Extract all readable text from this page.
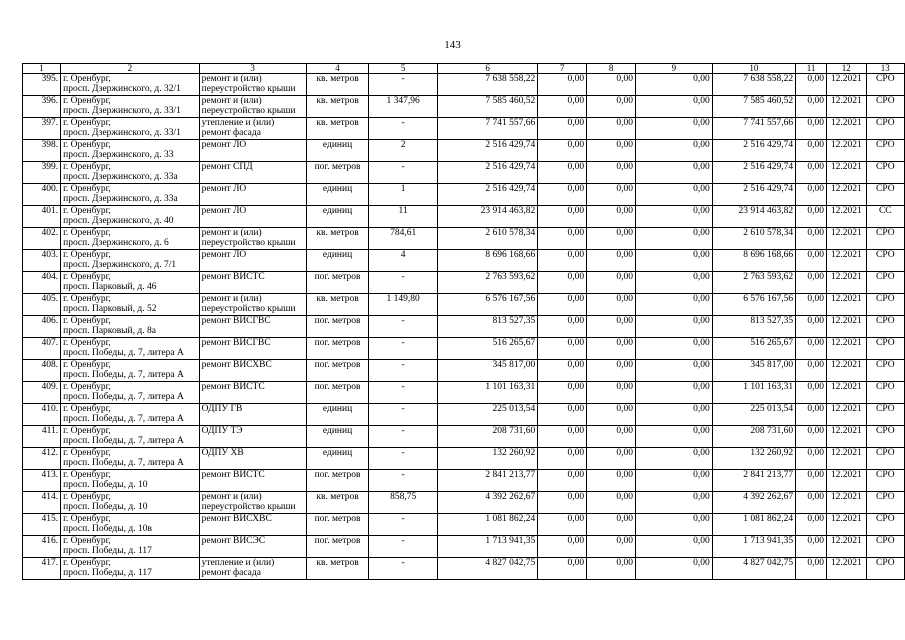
143
1	2	3	4	5	6	7	8	9	10	11	12	13
395.	г. Оренбург,
просп. Дзержинского, д. 32/1	ремонт и (или)
переустройство крыши	кв. метров	-	7 638 558,22	0,00	0,00	0,00	7 638 558,22	0,00	12.2021	СРО
396.	г. Оренбург,
просп. Дзержинского, д. 33/1	ремонт и (или)
переустройство крыши	кв. метров	1 347,96	7 585 460,52	0,00	0,00	0,00	7 585 460,52	0,00	12.2021	СРО
397.	г. Оренбург,
просп. Дзержинского, д. 33/1	утепление и (или)
ремонт фасада	кв. метров	-	7 741 557,66	0,00	0,00	0,00	7 741 557,66	0,00	12.2021	СРО
398.	г. Оренбург,
просп. Дзержинского, д. 33	ремонт ЛО	единиц	2	2 516 429,74	0,00	0,00	0,00	2 516 429,74	0,00	12.2021	СРО
399.	г. Оренбург,
просп. Дзержинского, д. 33а	ремонт СПД	пог. метров	-	2 516 429,74	0,00	0,00	0,00	2 516 429,74	0,00	12.2021	СРО
400.	г. Оренбург,
просп. Дзержинского, д. 33а	ремонт ЛО	единиц	1	2 516 429,74	0,00	0,00	0,00	2 516 429,74	0,00	12.2021	СРО
401.	г. Оренбург,
просп. Дзержинского, д. 40	ремонт ЛО	единиц	11	23 914 463,82	0,00	0,00	0,00	23 914 463,82	0,00	12.2021	СС
402.	г. Оренбург,
просп. Дзержинского, д. 6	ремонт и (или)
переустройство крыши	кв. метров	784,61	2 610 578,34	0,00	0,00	0,00	2 610 578,34	0,00	12.2021	СРО
403.	г. Оренбург,
просп. Дзержинского, д. 7/1	ремонт ЛО	единиц	4	8 696 168,66	0,00	0,00	0,00	8 696 168,66	0,00	12.2021	СРО
404.	г. Оренбург,
просп. Парковый, д. 46	ремонт ВИСТС	пог. метров	-	2 763 593,62	0,00	0,00	0,00	2 763 593,62	0,00	12.2021	СРО
405.	г. Оренбург,
просп. Парковый, д. 52	ремонт и (или)
переустройство крыши	кв. метров	1 149,80	6 576 167,56	0,00	0,00	0,00	6 576 167,56	0,00	12.2021	СРО
406.	г. Оренбург,
просп. Парковый, д. 8а	ремонт ВИСГВС	пог. метров	-	813 527,35	0,00	0,00	0,00	813 527,35	0,00	12.2021	СРО
407.	г. Оренбург,
просп. Победы, д. 7, литера А	ремонт ВИСГВС	пог. метров	-	516 265,67	0,00	0,00	0,00	516 265,67	0,00	12.2021	СРО
408.	г. Оренбург,
просп. Победы, д. 7, литера А	ремонт ВИСХВС	пог. метров	-	345 817,00	0,00	0,00	0,00	345 817,00	0,00	12.2021	СРО
409.	г. Оренбург,
просп. Победы, д. 7, литера А	ремонт ВИСТС	пог. метров	-	1 101 163,31	0,00	0,00	0,00	1 101 163,31	0,00	12.2021	СРО
410.	г. Оренбург,
просп. Победы, д. 7, литера А	ОДПУ ГВ	единиц	-	225 013,54	0,00	0,00	0,00	225 013,54	0,00	12.2021	СРО
411.	г. Оренбург,
просп. Победы, д. 7, литера А	ОДПУ ТЭ	единиц	-	208 731,60	0,00	0,00	0,00	208 731,60	0,00	12.2021	СРО
412.	г. Оренбург,
просп. Победы, д. 7, литера А	ОДПУ ХВ	единиц	-	132 260,92	0,00	0,00	0,00	132 260,92	0,00	12.2021	СРО
413.	г. Оренбург,
просп. Победы, д. 10	ремонт ВИСТС	пог. метров	-	2 841 213,77	0,00	0,00	0,00	2 841 213,77	0,00	12.2021	СРО
414.	г. Оренбург,
просп. Победы, д. 10	ремонт и (или)
переустройство крыши	кв. метров	858,75	4 392 262,67	0,00	0,00	0,00	4 392 262,67	0,00	12.2021	СРО
415.	г. Оренбург,
просп. Победы, д. 10в	ремонт ВИСХВС	пог. метров	-	1 081 862,24	0,00	0,00	0,00	1 081 862,24	0,00	12.2021	СРО
416.	г. Оренбург,
просп. Победы, д. 117	ремонт ВИСЭС	пог. метров	-	1 713 941,35	0,00	0,00	0,00	1 713 941,35	0,00	12.2021	СРО
417.	г. Оренбург,
просп. Победы, д. 117	утепление и (или)
ремонт фасада	кв. метров	-	4 827 042,75	0,00	0,00	0,00	4 827 042,75	0,00	12.2021	СРО
